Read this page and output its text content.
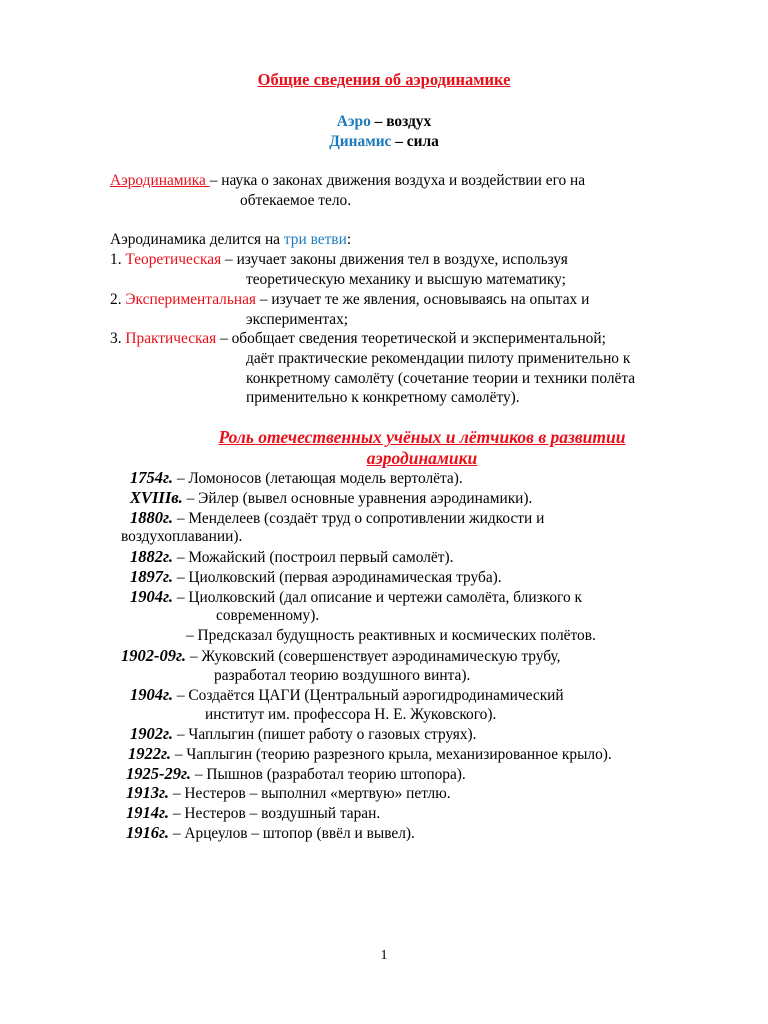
Общие сведения об аэродинамике
Аэро – воздух
Динамис – сила
Аэродинамика – наука о законах движения воздуха и воздействии его на
обтекаемое тело.
Аэродинамика делится на три ветви:
1. Теоретическая – изучает законы движения тел в воздухе, используя
теоретическую механику и высшую математику;
2. Экспериментальная – изучает те же явления, основываясь на опытах и
экспериментах;
3. Практическая – обобщает сведения теоретической и экспериментальной;
даёт практические рекомендации пилоту применительно к
конкретному самолёту (сочетание теории и техники полёта
применительно к конкретному самолёту).
Роль отечественных учёных и лётчиков в развитии
аэродинамики
1754г. – Ломоносов (летающая модель вертолёта).
XVIIIв. – Эйлер (вывел основные уравнения аэродинамики).
1880г. – Менделеев (создаёт труд о сопротивлении жидкости и
воздухоплавании).
1882г. – Можайский (построил первый самолёт).
1897г. – Циолковский (первая аэродинамическая труба).
1904г. – Циолковский (дал описание и чертежи самолёта, близкого к
современному).
– Предсказал будущность реактивных и космических полётов.
1902-09г. – Жуковский (совершенствует аэродинамическую трубу,
разработал теорию воздушного винта).
1904г. – Создаётся ЦАГИ (Центральный аэрогидродинамический
институт им. профессора Н. Е. Жуковского).
1902г. – Чаплыгин (пишет работу о газовых струях).
1922г. – Чаплыгин (теорию разрезного крыла, механизированное крыло).
1925-29г. – Пышнов (разработал теорию штопора).
1913г. – Нестеров – выполнил «мертвую» петлю.
1914г. – Нестеров – воздушный таран.
1916г. – Арцеулов – штопор (ввёл и вывел).
1
